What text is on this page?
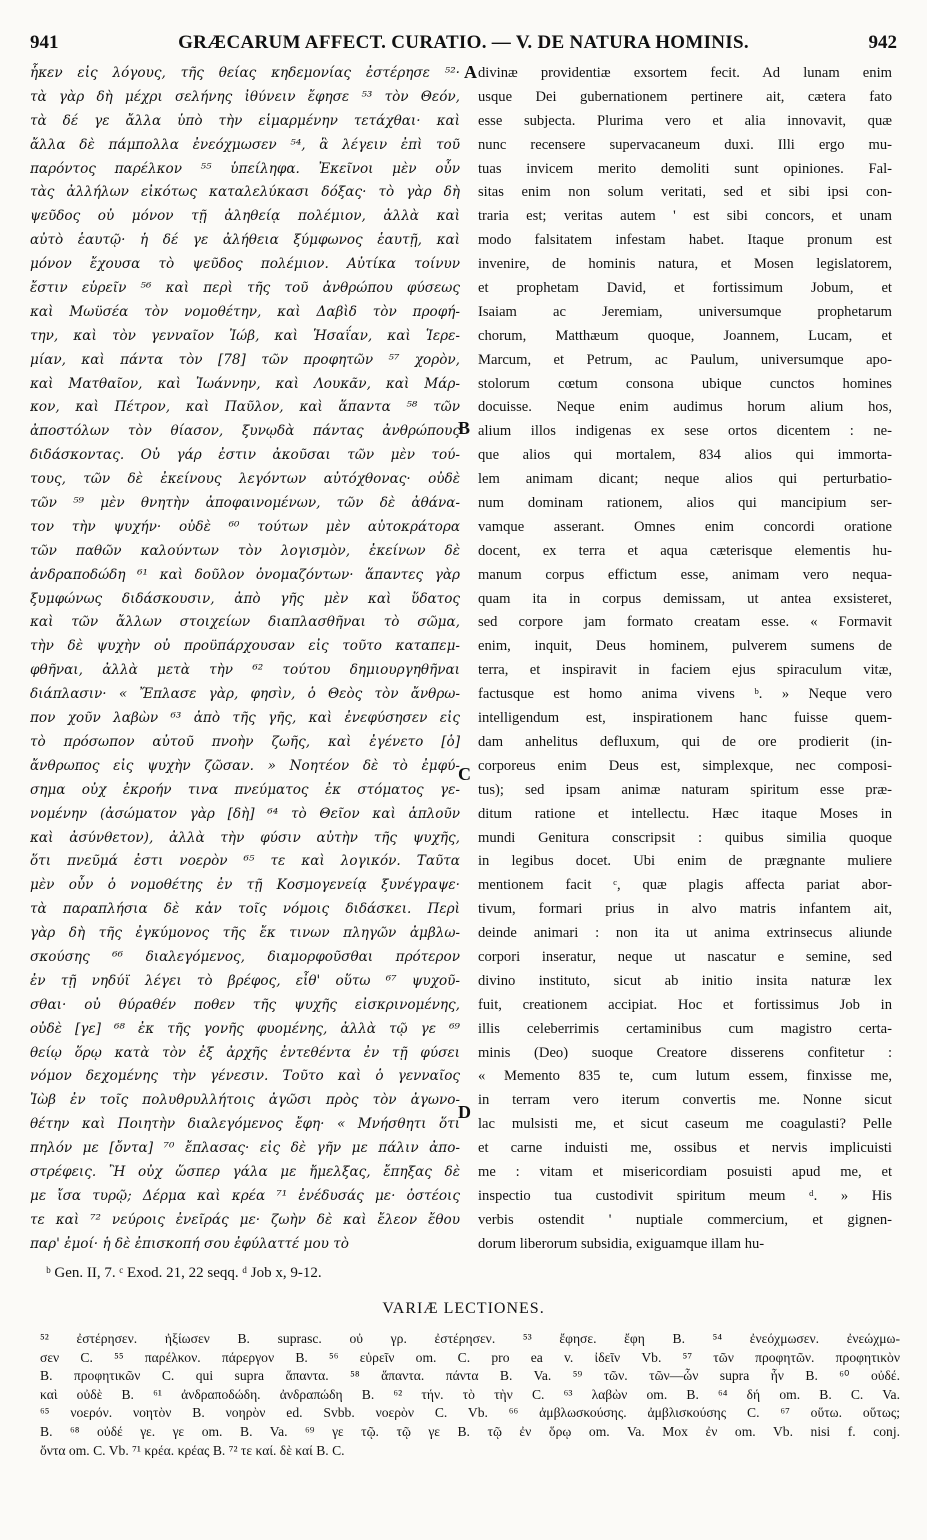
941	GRÆCARUM AFFECT. CURATIO. — V. DE NATURA HOMINIS.	942
ἧκεν εἰς λόγους, τῆς θείας κηδεμονίας ἐστέρησε ⁵²·
τὰ γὰρ δὴ μέχρι σελήνης ἰθύνειν ἔφησε ⁵³ τὸν Θεόν,
τὰ δέ γε ἄλλα ὑπὸ τὴν εἱμαρμένην τετάχθαι· καὶ
ἄλλα δὲ πάμπολλα ἐνεόχμωσεν ⁵⁴, ἃ λέγειν ἐπὶ τοῦ
παρόντος παρέλκον ⁵⁵ ὑπείληφα. Ἐκεῖνοι μὲν οὖν
τὰς ἀλλήλων εἰκότως καταλελύκασι δόξας· τὸ γὰρ δὴ
ψεῦδος οὐ μόνον τῇ ἀληθείᾳ πολέμιον, ἀλλὰ καὶ
αὐτὸ ἑαυτῷ· ἡ δέ γε ἀλήθεια ξύμφωνος ἑαυτῇ, καὶ
μόνον ἔχουσα τὸ ψεῦδος πολέμιον. Αὐτίκα τοίνυν
ἔστιν εὑρεῖν ⁵⁶ καὶ περὶ τῆς τοῦ ἀνθρώπου φύσεως
καὶ Μωϋσέα τὸν νομοθέτην, καὶ Δαβὶδ τὸν προφή-
την, καὶ τὸν γενναῖον Ἰώβ, καὶ Ἡσαΐαν, καὶ Ἱερε-
μίαν, καὶ πάντα τὸν [78] τῶν προφητῶν ⁵⁷ χορὸν,
καὶ Ματθαῖον, καὶ Ἰωάννην, καὶ Λουκᾶν, καὶ Μάρ-
κον, καὶ Πέτρον, καὶ Παῦλον, καὶ ἅπαντα ⁵⁸ τῶν
ἀποστόλων τὸν θίασον, ξυνῳδὰ πάντας ἀνθρώπους
διδάσκοντας. Οὐ γάρ ἐστιν ἀκοῦσαι τῶν μὲν τού-
τους, τῶν δὲ ἐκείνους λεγόντων αὐτόχθονας· οὐδὲ
τῶν ⁵⁹ μὲν θνητὴν ἀποφαινομένων, τῶν δὲ ἀθάνα-
τον τὴν ψυχήν· οὐδὲ ⁶⁰ τούτων μὲν αὐτοκράτορα
τῶν παθῶν καλούντων τὸν λογισμὸν, ἐκείνων δὲ
ἀνδραποδώδη ⁶¹ καὶ δοῦλον ὀνομαζόντων· ἅπαντες γὰρ
ξυμφώνως διδάσκουσιν, ἀπὸ γῆς μὲν καὶ ὕδατος
καὶ τῶν ἄλλων στοιχείων διαπλασθῆναι τὸ σῶμα,
τὴν δὲ ψυχὴν οὐ προϋπάρχουσαν εἰς τοῦτο καταπεμ-
φθῆναι, ἀλλὰ μετὰ τὴν ⁶² τούτου δημιουργηθῆναι
διάπλασιν· « Ἔπλασε γὰρ, φησὶν, ὁ Θεὸς τὸν ἄνθρω-
πον χοῦν λαβὼν ⁶³ ἀπὸ τῆς γῆς, καὶ ἐνεφύσησεν εἰς
τὸ πρόσωπον αὐτοῦ πνοὴν ζωῆς, καὶ ἐγένετο [ὁ]
ἄνθρωπος εἰς ψυχὴν ζῶσαν. » Νοητέον δὲ τὸ ἐμφύ-
σημα οὐχ ἐκροήν τινα πνεύματος ἐκ στόματος γε-
νομένην (ἀσώματον γὰρ [δὴ] ⁶⁴ τὸ Θεῖον καὶ ἁπλοῦν
καὶ ἀσύνθετον), ἀλλὰ τὴν φύσιν αὐτὴν τῆς ψυχῆς,
ὅτι πνεῦμά ἐστι νοερὸν ⁶⁵ τε καὶ λογικόν. Ταῦτα
μὲν οὖν ὁ νομοθέτης ἐν τῇ Κοσμογενείᾳ ξυνέγραψε·
τὰ παραπλήσια δὲ κἀν τοῖς νόμοις διδάσκει. Περὶ
γὰρ δὴ τῆς ἐγκύμονος τῆς ἔκ τινων πληγῶν ἀμβλω-
σκούσης ⁶⁶ διαλεγόμενος, διαμορφοῦσθαι πρότερον
ἐν τῇ νηδύϊ λέγει τὸ βρέφος, εἶθ' οὕτω ⁶⁷ ψυχοῦ-
σθαι· οὐ θύραθέν ποθεν τῆς ψυχῆς εἰσκρινομένης,
οὐδὲ [γε] ⁶⁸ ἐκ τῆς γονῆς φυομένης, ἀλλὰ τῷ γε ⁶⁹
θείῳ ὅρῳ κατὰ τὸν ἐξ ἀρχῆς ἐντεθέντα ἐν τῇ φύσει
νόμον δεχομένης τὴν γένεσιν. Τοῦτο καὶ ὁ γενναῖος
Ἰὼβ ἐν τοῖς πολυθρυλλήτοις ἀγῶσι πρὸς τὸν ἀγωνο-
θέτην καὶ Ποιητὴν διαλεγόμενος ἔφη· « Μνήσθητι ὅτι
πηλόν με [ὄντα] ⁷⁰ ἔπλασας· εἰς δὲ γῆν με πάλιν ἀπο-
στρέφεις. Ἢ οὐχ ὥσπερ γάλα με ἤμελξας, ἔπηξας δὲ
με ἴσα τυρῷ; Δέρμα καὶ κρέα ⁷¹ ἐνέδυσάς με· ὀστέοις
τε καὶ ⁷² νεύροις ἐνεῖράς με· ζωὴν δὲ καὶ ἔλεον ἔθου
παρ' ἐμοί· ἡ δὲ ἐπισκοπή σου ἐφύλαττέ μου τὸ
divinæ providentiæ exsortem fecit. Ad lunam enim
usque Dei gubernationem pertinere ait, cætera fato
esse subjecta. Plurima vero et alia innovavit, quæ
nunc recensere supervacaneum duxi. Illi ergo mu-
tuas invicem merito demoliti sunt opiniones. Fal-
sitas enim non solum veritati, sed et sibi ipsi con-
traria est; veritas autem ' est sibi concors, et unam
modo falsitatem infestam habet. Itaque pronum est
invenire, de hominis natura, et Mosen legislatorem,
et prophetam David, et fortissimum Jobum, et
Isaiam ac Jeremiam, universumque prophetarum
chorum, Matthæum quoque, Joannem, Lucam, et
Marcum, et Petrum, ac Paulum, universumque apo-
stolorum cœtum consona ubique cunctos homines
docuisse. Neque enim audimus horum alium hos,
alium illos indigenas ex sese ortos dicentem : ne-
que alios qui mortalem, 834 alios qui immorta-
lem animam dicant; neque alios qui perturbatio-
num dominam rationem, alios qui mancipium ser-
vamque asserant. Omnes enim concordi oratione
docent, ex terra et aqua cæterisque elementis hu-
manum corpus effictum esse, animam vero nequa-
quam ita in corpus demissam, ut antea exsisteret,
sed corpore jam formato creatam esse. « Formavit
enim, inquit, Deus hominem, pulverem sumens de
terra, et inspiravit in faciem ejus spiraculum vitæ,
factusque est homo anima vivens ᵇ. » Neque vero
intelligendum est, inspirationem hanc fuisse quem-
dam anhelitus defluxum, qui de ore prodierit (in-
corporeus enim Deus est, simplexque, nec composi-
tus); sed ipsam animæ naturam spiritum esse præ-
ditum ratione et intellectu. Hæc itaque Moses in
mundi Genitura conscripsit : quibus similia quoque
in legibus docet. Ubi enim de prægnante muliere
mentionem facit ᶜ, quæ plagis affecta pariat abor-
tivum, formari prius in alvo matris infantem ait,
deinde animari : non ita ut anima extrinsecus aliunde
corpori inseratur, neque ut nascatur e semine, sed
divino instituto, sicut ab initio insita naturæ lex
fuit, creationem accipiat. Hoc et fortissimus Job in
illis celeberrimis certaminibus cum magistro certa-
minis (Deo) suoque Creatore disserens confitetur :
« Memento 835 te, cum lutum essem, finxisse me,
in terram vero iterum convertis me. Nonne sicut
lac mulsisti me, et sicut caseum me coagulasti? Pelle
et carne induisti me, ossibus et nervis implicuisti
me : vitam et misericordiam posuisti apud me, et
inspectio tua custodivit spiritum meum ᵈ. » His
verbis ostendit ' nuptiale commercium, et gignen-
dorum liberorum subsidia, exiguamque illam hu-
A
B
C
D
ᵇ Gen. II, 7. ᶜ Exod. 21, 22 seqq. ᵈ Job x, 9-12.
VARIÆ LECTIONES.
⁵² ἐστέρησεν. ἠξίωσεν B. suprasc. οὐ γρ. ἐστέρησεν. ⁵³ ἔφησε. ἔφη B. ⁵⁴ ἐνεόχμωσεν. ἐνεώχμω-
σεν C. ⁵⁵ παρέλκον. πάρεργον B. ⁵⁶ εὑρεῖν om. C. pro ea v. ἰδεῖν Vb. ⁵⁷ τῶν προφητῶν. προφητικὸν
B. προφητικῶν C. qui supra ἅπαντα. ⁵⁸ ἅπαντα. πάντα B. Va. ⁵⁹ τῶν. τῶν—ὧν supra ἦν B. ⁶⁰ οὐδέ.
καὶ οὐδὲ B. ⁶¹ ἀνδραποδώδη. ἀνδραπώδη B. ⁶² τήν. τὸ τὴν C. ⁶³ λαβὼν om. B. ⁶⁴ δή om. B. C. Va.
⁶⁵ νοερόν. νοητὸν B. νοηρὸν ed. Svbb. νοερὸν C. Vb. ⁶⁶ ἀμβλωσκούσης. ἀμβλισκούσης C. ⁶⁷ οὕτω. οὕτως;
B. ⁶⁸ οὐδέ γε. γε om. B. Va. ⁶⁹ γε τῷ. τῷ γε B. τῷ ἐν ὅρῳ om. Va. Mox ἐν om. Vb. nisi f. conj.
ὄντα om. C. Vb. ⁷¹ κρέα. κρέας B. ⁷² τε καί. δὲ καί B. C.
